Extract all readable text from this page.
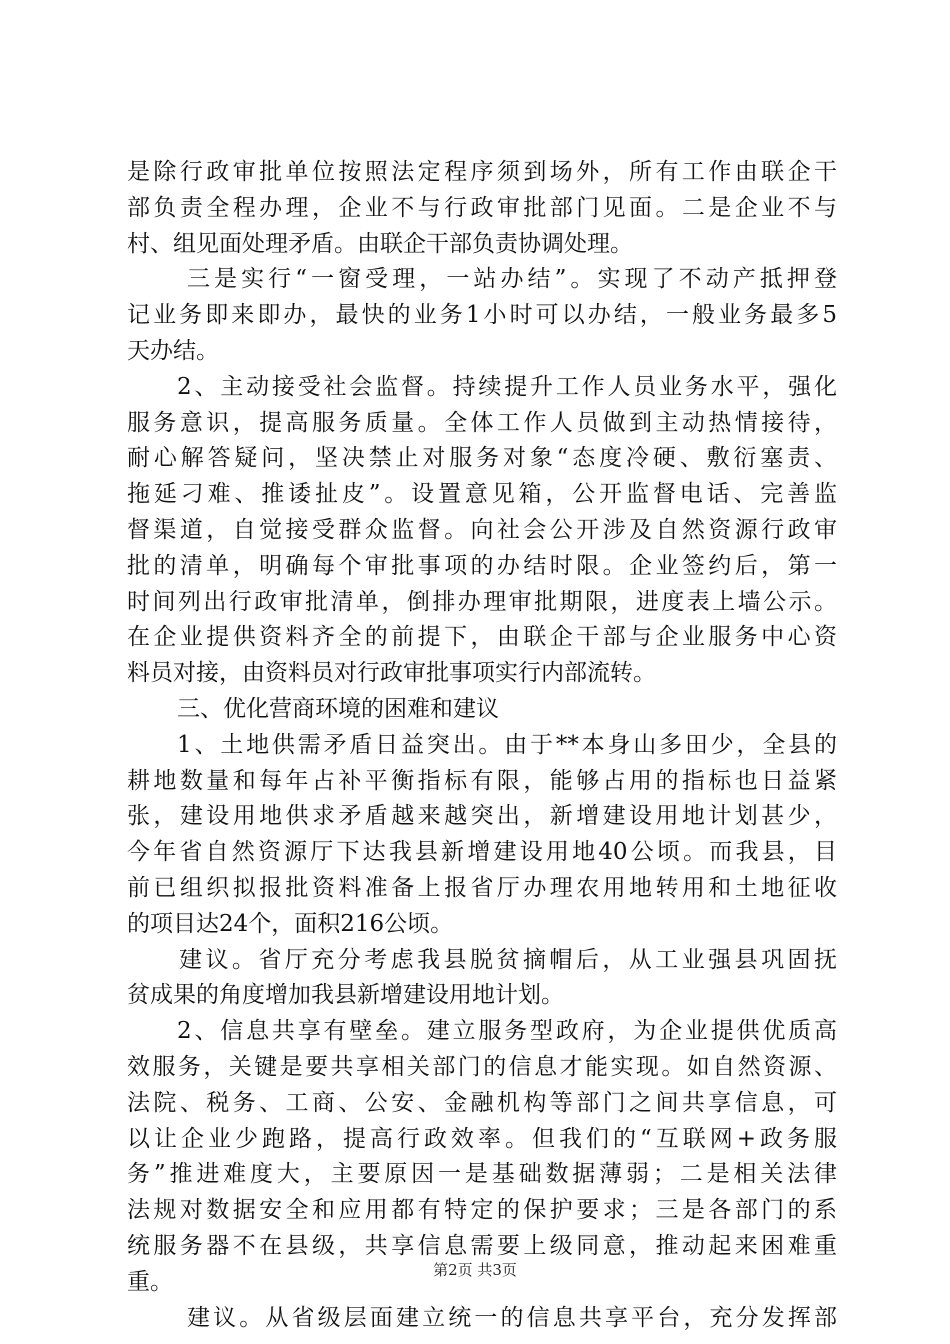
是除行政审批单位按照法定程序须到场外，所有工作由联企干
部负责全程办理，企业不与行政审批部门见面。二是企业不与
村、组见面处理矛盾。由联企干部负责协调处理。
三是实行“一窗受理，一站办结”。实现了不动产抵押登
记业务即来即办，最快的业务1小时可以办结，一般业务最多5
天办结。
2、主动接受社会监督。持续提升工作人员业务水平，强化
服务意识，提高服务质量。全体工作人员做到主动热情接待，
耐心解答疑问，坚决禁止对服务对象“态度冷硬、敷衍塞责、
拖延刁难、推诿扯皮”。设置意见箱，公开监督电话、完善监
督渠道，自觉接受群众监督。向社会公开涉及自然资源行政审
批的清单，明确每个审批事项的办结时限。企业签约后，第一
时间列出行政审批清单，倒排办理审批期限，进度表上墙公示。
在企业提供资料齐全的前提下，由联企干部与企业服务中心资
料员对接，由资料员对行政审批事项实行内部流转。
三、优化营商环境的困难和建议
1、土地供需矛盾日益突出。由于**本身山多田少，全县的
耕地数量和每年占补平衡指标有限，能够占用的指标也日益紧
张，建设用地供求矛盾越来越突出，新增建设用地计划甚少，
今年省自然资源厅下达我县新增建设用地40公顷。而我县，目
前已组织拟报批资料准备上报省厅办理农用地转用和土地征收
的项目达24个，面积216公顷。
建议。省厅充分考虑我县脱贫摘帽后，从工业强县巩固抚
贫成果的角度增加我县新增建设用地计划。
2、信息共享有壁垒。建立服务型政府，为企业提供优质高
效服务，关键是要共享相关部门的信息才能实现。如自然资源、
法院、税务、工商、公安、金融机构等部门之间共享信息，可
以让企业少跑路，提高行政效率。但我们的“互联网+政务服
务”推进难度大，主要原因一是基础数据薄弱；二是相关法律
法规对数据安全和应用都有特定的保护要求；三是各部门的系
统服务器不在县级，共享信息需要上级同意，推动起来困难重
重。
建议。从省级层面建立统一的信息共享平台，充分发挥部
第2页 共3页
